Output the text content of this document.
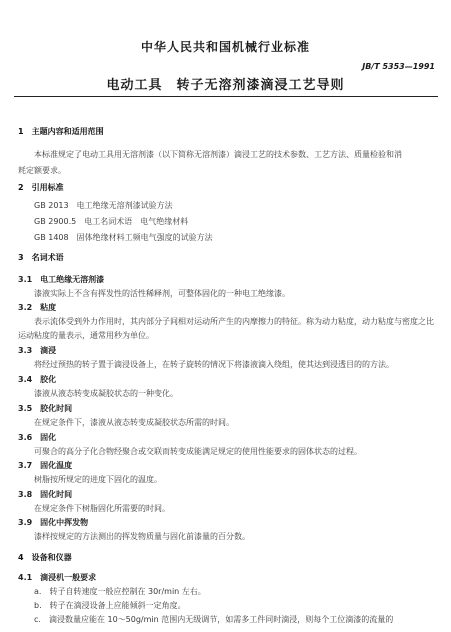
中华人民共和国机械行业标准
JB/T 5353—1991
电动工具　转子无溶剂漆滴浸工艺导则
1　主题内容和适用范围
本标准规定了电动工具用无溶剂漆（以下简称无溶剂漆）滴浸工艺的技术参数、工艺方法、质量检验和消
耗定额要求。
2　引用标准
GB 2013　电工绝缘无溶剂漆试验方法
GB 2900.5　电工名词术语　电气绝缘材料
GB 1408　固体绝缘材料工频电气强度的试验方法
3　名词术语
3.1　电工绝缘无溶剂漆
漆液实际上不含有挥发性的活性稀释剂，可整体固化的一种电工绝缘漆。
3.2　粘度
表示流体受到外力作用时，其内部分子间相对运动所产生的内摩擦力的特征。称为动力粘度，动力粘度与密度之比
运动粘度的量表示，通常用秒为单位。
3.3　滴浸
将经过预热的转子置于滴浸设备上，在转子旋转的情况下将漆液滴入绕组，使其达到浸透目的的方法。
3.4　胶化
漆液从液态转变成凝胶状态的一种变化。
3.5　胶化时间
在规定条件下，漆液从液态转变成凝胶状态所需的时间。
3.6　固化
可聚合的高分子化合物经聚合或交联而转变成能满足规定的使用性能要求的固体状态的过程。
3.7　固化温度
树脂按所规定的进度下固化的温度。
3.8　固化时间
在规定条件下树脂固化所需要的时间。
3.9　固化中挥发物
漆样按规定的方法测出的挥发物质量与固化前漆量的百分数。
4　设备和仪器
4.1　滴浸机一般要求
a.　转子自转速度一般应控制在 30r/min 左右。
b.　转子在滴浸设备上应能倾斜一定角度。
c.　滴浸数量应能在 10～50g/min 范围内无级调节，如需多工件同时滴浸，则每个工位滴漆的流量的
